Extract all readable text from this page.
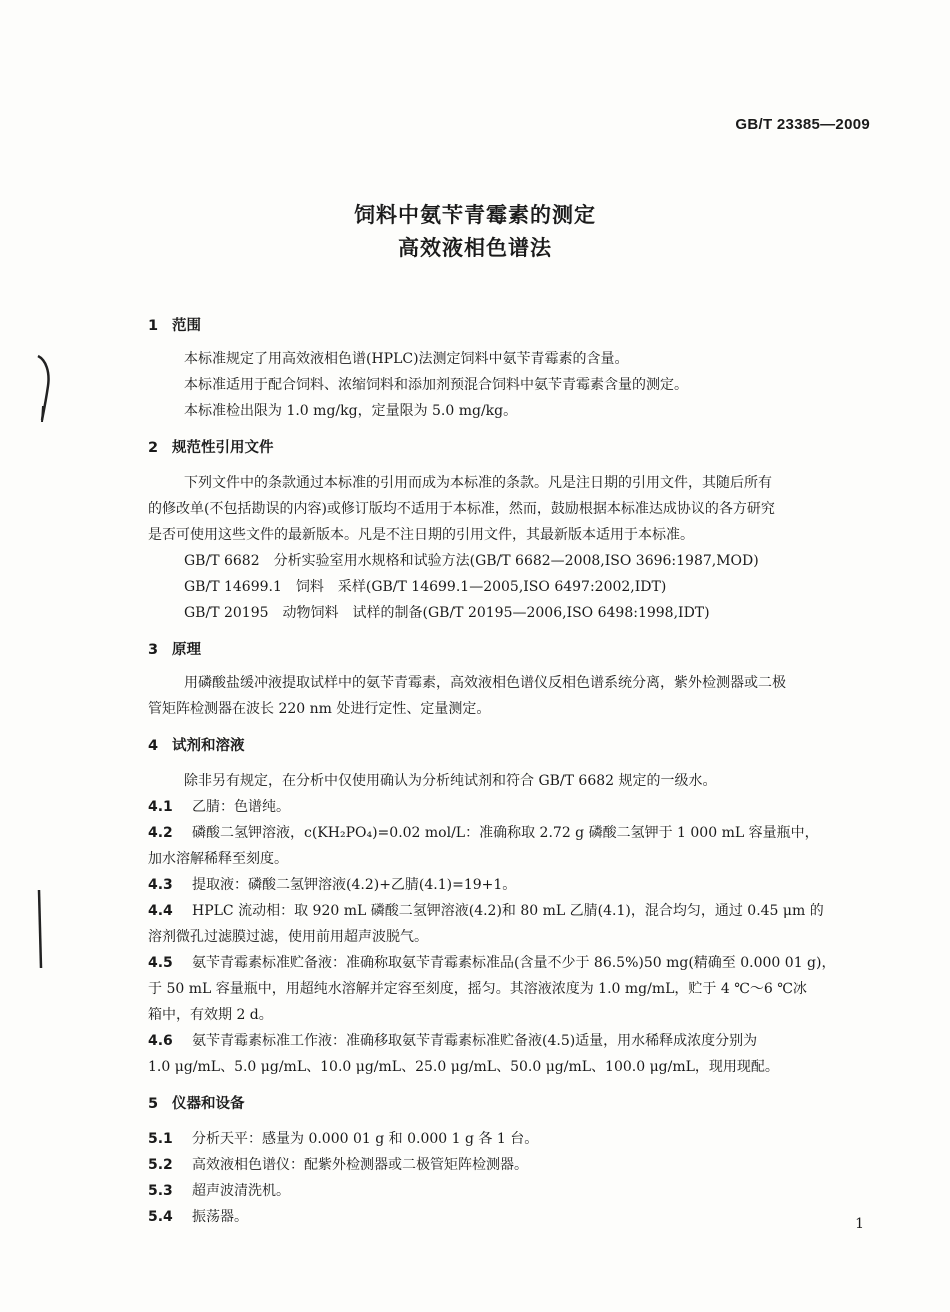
GB/T 23385—2009
饲料中氨苄青霉素的测定
高效液相色谱法
1 范围
本标准规定了用高效液相色谱(HPLC)法测定饲料中氨苄青霉素的含量。
本标准适用于配合饲料、浓缩饲料和添加剂预混合饲料中氨苄青霉素含量的测定。
本标准检出限为 1.0 mg/kg，定量限为 5.0 mg/kg。
2 规范性引用文件
下列文件中的条款通过本标准的引用而成为本标准的条款。凡是注日期的引用文件，其随后所有
的修改单(不包括勘误的内容)或修订版均不适用于本标准，然而，鼓励根据本标准达成协议的各方研究
是否可使用这些文件的最新版本。凡是不注日期的引用文件，其最新版本适用于本标准。
GB/T 6682　分析实验室用水规格和试验方法(GB/T 6682—2008,ISO 3696:1987,MOD)
GB/T 14699.1　饲料　采样(GB/T 14699.1—2005,ISO 6497:2002,IDT)
GB/T 20195　动物饲料　试样的制备(GB/T 20195—2006,ISO 6498:1998,IDT)
3 原理
用磷酸盐缓冲液提取试样中的氨苄青霉素，高效液相色谱仪反相色谱系统分离，紫外检测器或二极
管矩阵检测器在波长 220 nm 处进行定性、定量测定。
4 试剂和溶液
除非另有规定，在分析中仅使用确认为分析纯试剂和符合 GB/T 6682 规定的一级水。
4.1 乙腈：色谱纯。
4.2 磷酸二氢钾溶液，c(KH₂PO₄)=0.02 mol/L：准确称取 2.72 g 磷酸二氢钾于 1 000 mL 容量瓶中，
加水溶解稀释至刻度。
4.3 提取液：磷酸二氢钾溶液(4.2)+乙腈(4.1)=19+1。
4.4 HPLC 流动相：取 920 mL 磷酸二氢钾溶液(4.2)和 80 mL 乙腈(4.1)，混合均匀，通过 0.45 μm 的
溶剂微孔过滤膜过滤，使用前用超声波脱气。
4.5 氨苄青霉素标准贮备液：准确称取氨苄青霉素标准品(含量不少于 86.5%)50 mg(精确至 0.000 01 g)，
于 50 mL 容量瓶中，用超纯水溶解并定容至刻度，摇匀。其溶液浓度为 1.0 mg/mL，贮于 4 ℃～6 ℃冰
箱中，有效期 2 d。
4.6 氨苄青霉素标准工作液：准确移取氨苄青霉素标准贮备液(4.5)适量，用水稀释成浓度分别为
1.0 μg/mL、5.0 μg/mL、10.0 μg/mL、25.0 μg/mL、50.0 μg/mL、100.0 μg/mL，现用现配。
5 仪器和设备
5.1 分析天平：感量为 0.000 01 g 和 0.000 1 g 各 1 台。
5.2 高效液相色谱仪：配紫外检测器或二极管矩阵检测器。
5.3 超声波清洗机。
5.4 振荡器。	1
